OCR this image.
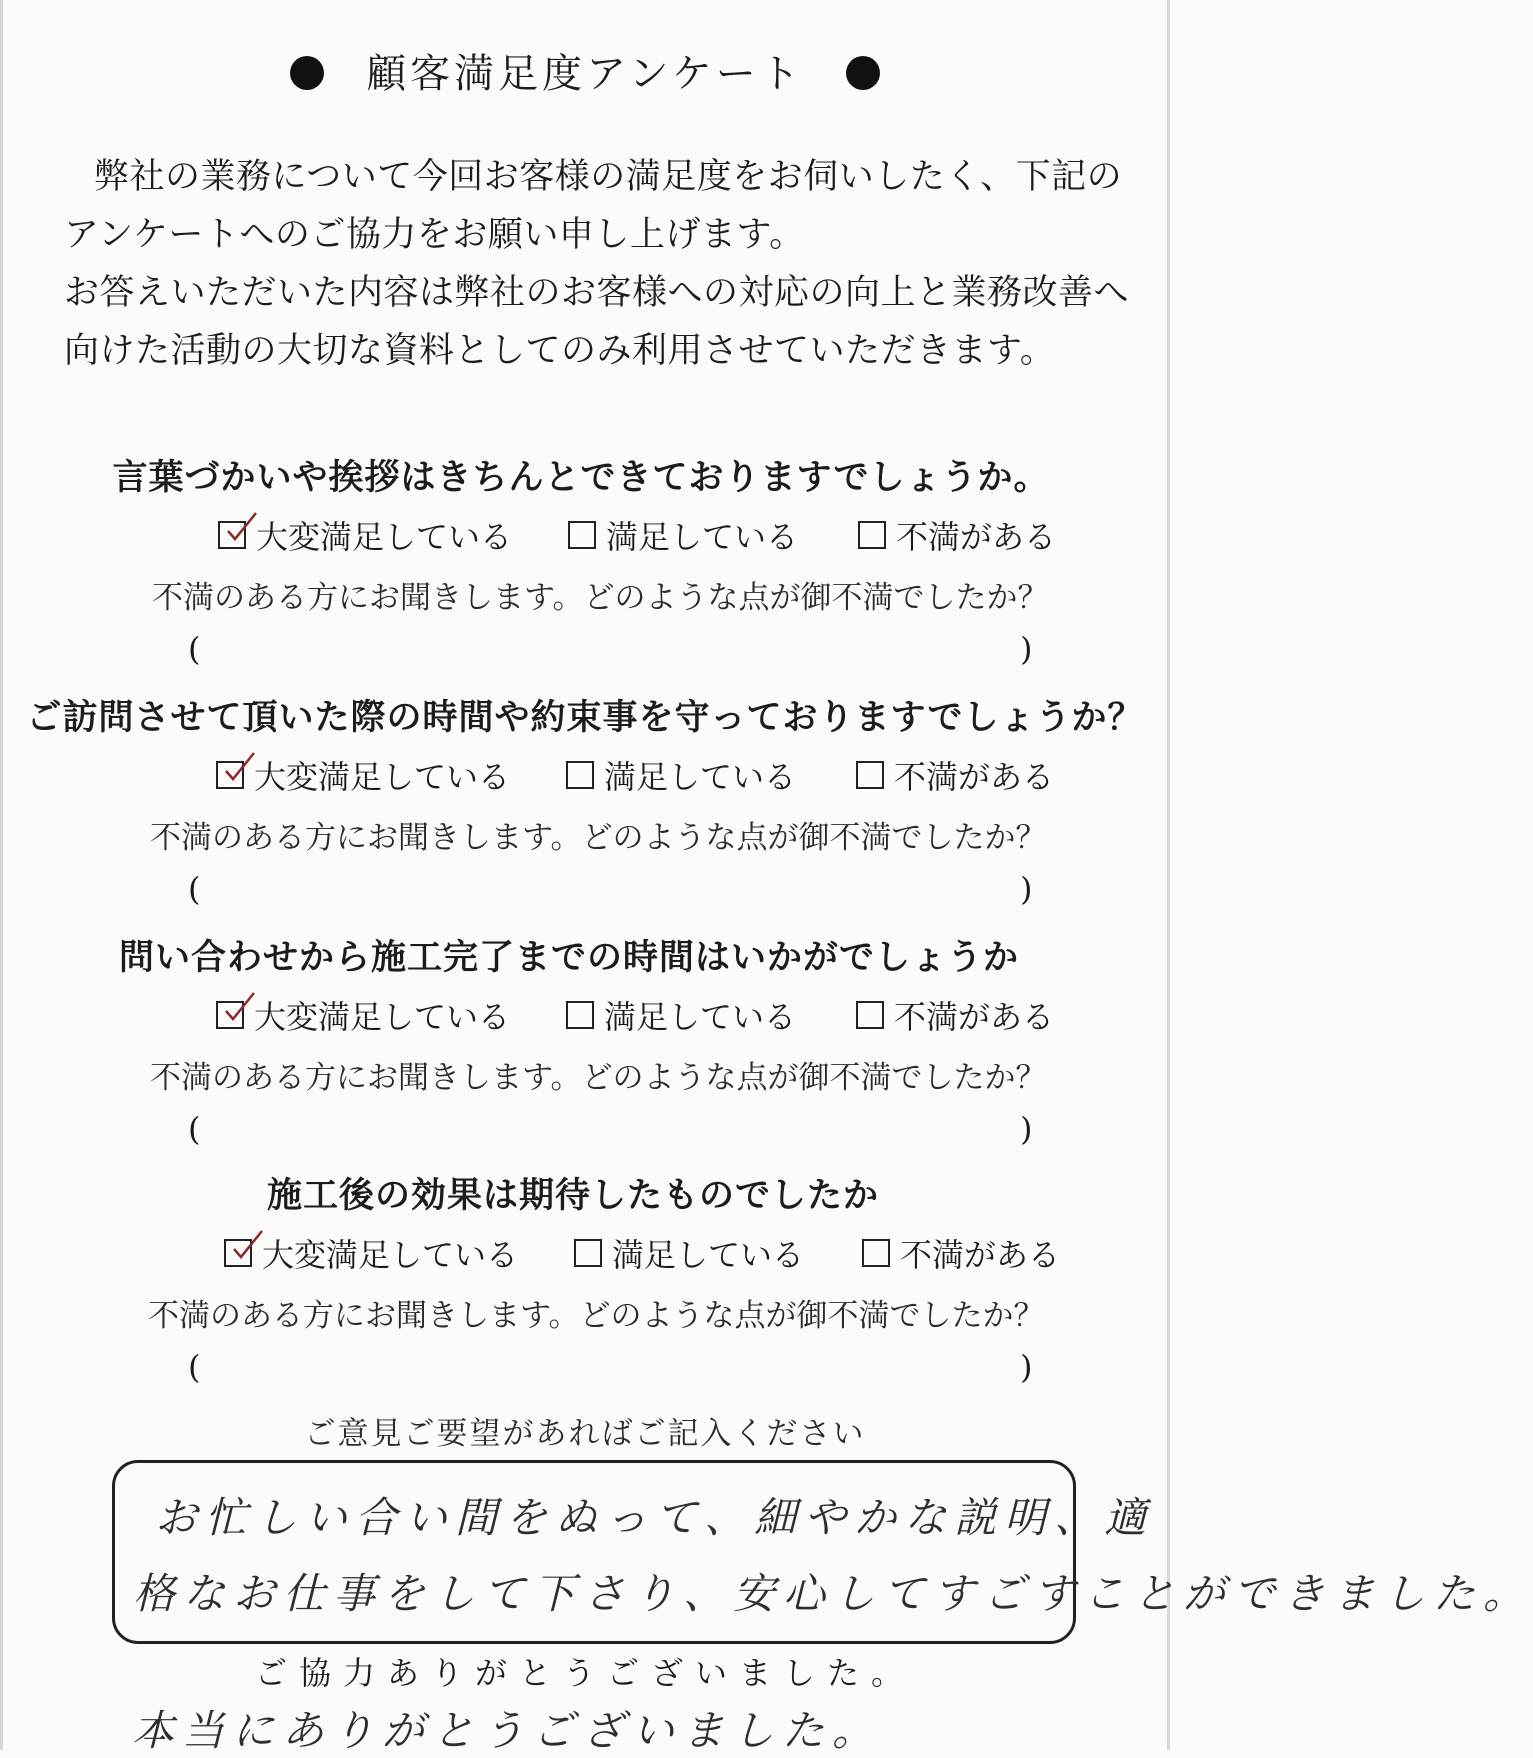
顧客満足度アンケート

弊社の業務について今回お客様の満足度をお伺いしたく、下記の

アンケートへのご協力をお願い申し上げます。

お答えいただいた内容は弊社のお客様への対応の向上と業務改善へ

向けた活動の大切な資料としてのみ利用させていただきます。

言葉づかいや挨拶はきちんとできておりますでしょうか。
大変満足している	満足している	不満がある
不満のある方にお聞きします。どのような点が御不満でしたか？
(	)
ご訪問させて頂いた際の時間や約束事を守っておりますでしょうか？
大変満足している	満足している	不満がある
不満のある方にお聞きします。どのような点が御不満でしたか？
(	)
問い合わせから施工完了までの時間はいかがでしょうか
大変満足している	満足している	不満がある
不満のある方にお聞きします。どのような点が御不満でしたか？
(	)
施工後の効果は期待したものでしたか
大変満足している	満足している	不満がある
不満のある方にお聞きします。どのような点が御不満でしたか？
(	)
ご意見ご要望があればご記入ください
お忙しい合い間をぬって、細やかな説明、適
格なお仕事をして下さり、安心してすごすことができました。
ご協力ありがとうございました。
本当にありがとうございました。
